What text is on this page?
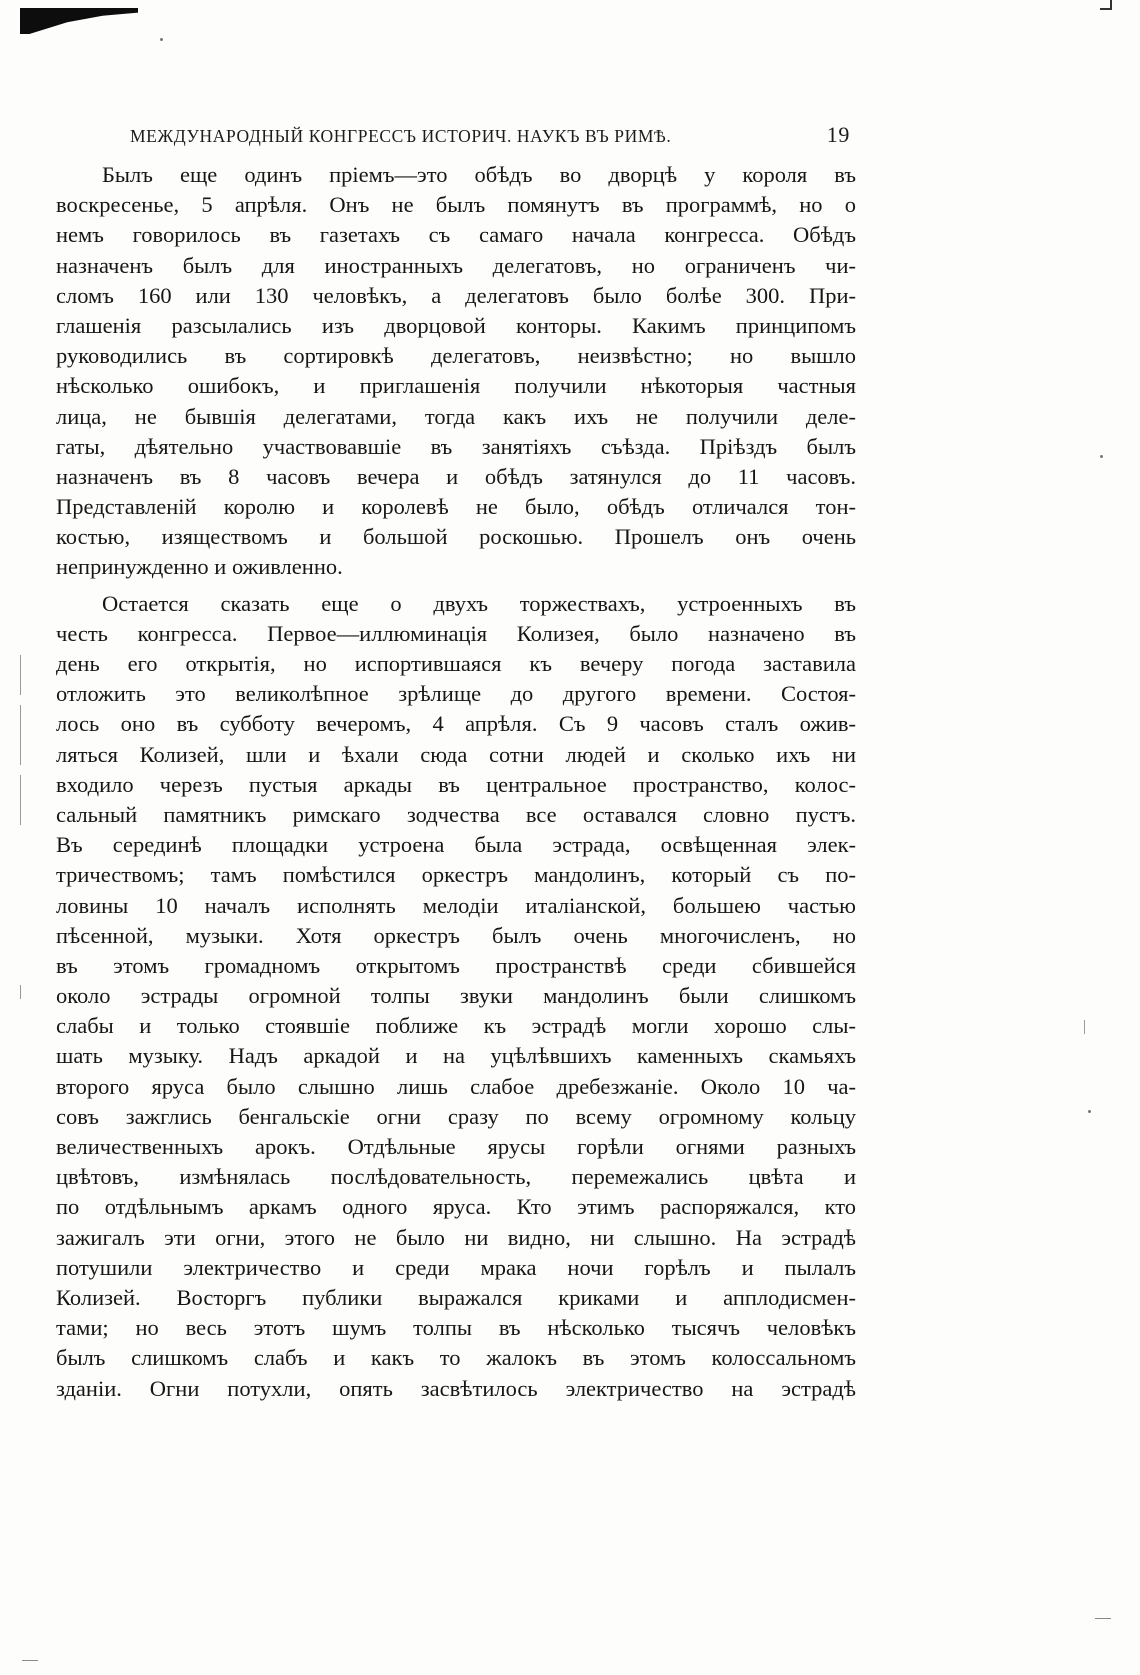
МЕЖДУНАРОДНЫЙ КОНГРЕССЪ ИСТОРИЧ. НАУКЪ ВЪ РИМѢ.	19
Былъ еще одинъ пріемъ—это обѣдъ во дворцѣ у короля въ
воскресенье, 5 апрѣля. Онъ не былъ помянутъ въ программѣ, но о
немъ говорилось въ газетахъ съ самаго начала конгресса. Обѣдъ
назначенъ былъ для иностранныхъ делегатовъ, но ограниченъ чи-
сломъ 160 или 130 человѣкъ, а делегатовъ было болѣе 300. При-
глашенія разсылались изъ дворцовой конторы. Какимъ принципомъ
руководились въ сортировкѣ делегатовъ, неизвѣстно; но вышло
нѣсколько ошибокъ, и приглашенія получили нѣкоторыя частныя
лица, не бывшія делегатами, тогда какъ ихъ не получили деле-
гаты, дѣятельно участвовавшіе въ занятіяхъ съѣзда. Пріѣздъ былъ
назначенъ въ 8 часовъ вечера и обѣдъ затянулся до 11 часовъ.
Представленій королю и королевѣ не было, обѣдъ отличался тон-
костью, изяществомъ и большой роскошью. Прошелъ онъ очень
непринужденно и оживленно.
Остается сказать еще о двухъ торжествахъ, устроенныхъ въ
честь конгресса. Первое—иллюминація Колизея, было назначено въ
день его открытія, но испортившаяся къ вечеру погода заставила
отложить это великолѣпное зрѣлище до другого времени. Состоя-
лось оно въ субботу вечеромъ, 4 апрѣля. Съ 9 часовъ сталъ ожив-
ляться Колизей, шли и ѣхали сюда сотни людей и сколько ихъ ни
входило черезъ пустыя аркады въ центральное пространство, колос-
сальный памятникъ римскаго зодчества все оставался словно пустъ.
Въ серединѣ площадки устроена была эстрада, освѣщенная элек-
тричествомъ; тамъ помѣстился оркестръ мандолинъ, который съ по-
ловины 10 началъ исполнять мелодіи италіанской, большею частью
пѣсенной, музыки. Хотя оркестръ былъ очень многочисленъ, но
въ этомъ громадномъ открытомъ пространствѣ среди сбившейся
около эстрады огромной толпы звуки мандолинъ были слишкомъ
слабы и только стоявшіе поближе къ эстрадѣ могли хорошо слы-
шать музыку. Надъ аркадой и на уцѣлѣвшихъ каменныхъ скамьяхъ
второго яруса было слышно лишь слабое дребезжаніе. Около 10 ча-
совъ зажглись бенгальскіе огни сразу по всему огромному кольцу
величественныхъ арокъ. Отдѣльные ярусы горѣли огнями разныхъ
цвѣтовъ, измѣнялась послѣдовательность, перемежались цвѣта и
по отдѣльнымъ аркамъ одного яруса. Кто этимъ распоряжался, кто
зажигалъ эти огни, этого не было ни видно, ни слышно. На эстрадѣ
потушили электричество и среди мрака ночи горѣлъ и пылалъ
Колизей. Восторгъ публики выражался криками и апплодисмен-
тами; но весь этотъ шумъ толпы въ нѣсколько тысячъ человѣкъ
былъ слишкомъ слабъ и какъ то жалокъ въ этомъ колоссальномъ
зданіи. Огни потухли, опять засвѣтилось электричество на эстрадѣ
